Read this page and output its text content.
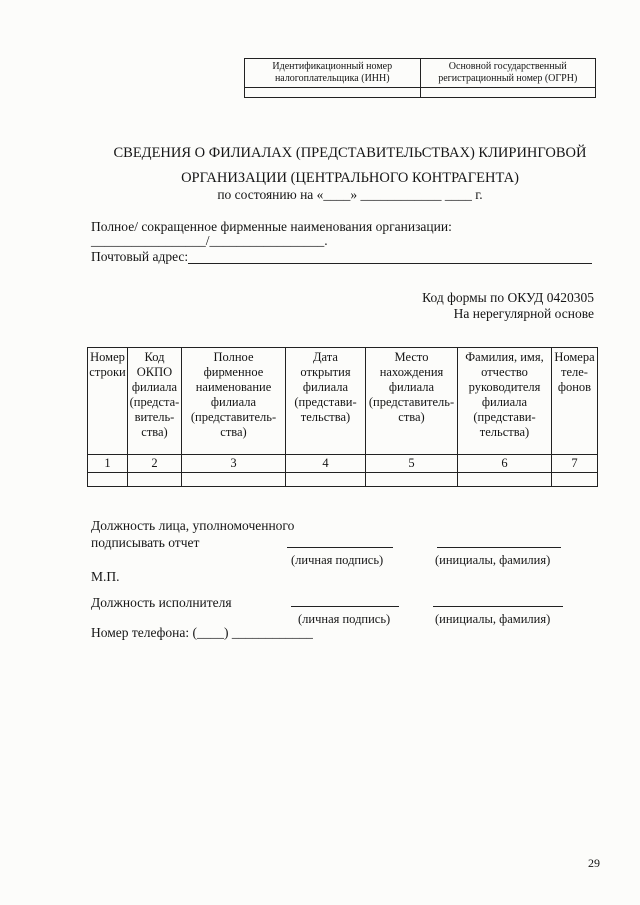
Идентификационный номер налогоплательщика (ИНН)	Основной государственный регистрационный номер (ОГРН)

СВЕДЕНИЯ О ФИЛИАЛАХ (ПРЕДСТАВИТЕЛЬСТВАХ) КЛИРИНГОВОЙ
ОРГАНИЗАЦИИ (ЦЕНТРАЛЬНОГО КОНТРАГЕНТА)
по состоянию на «____» ____________ ____ г.
Полное/ сокращенное фирменные наименования организации:
_________________/_________________.
Почтовый адрес:
Код формы по ОКУД 0420305
На нерегулярной основе
Номер строки	Код ОКПО филиала (предста-витель-ства)	Полное фирменное наименование филиала (представитель-ства)	Дата открытия филиала (представи-тельства)	Место нахождения филиала (представитель-ства)	Фамилия, имя, отчество руководителя филиала (представи-тельства)	Номера теле-фонов
1	2	3	4	5	6	7

Должность лица, уполномоченного
подписывать отчет
(личная подпись)	(инициалы, фамилия)
М.П.
Должность исполнителя
(личная подпись)	(инициалы, фамилия)
Номер телефона: (____) ____________
29
